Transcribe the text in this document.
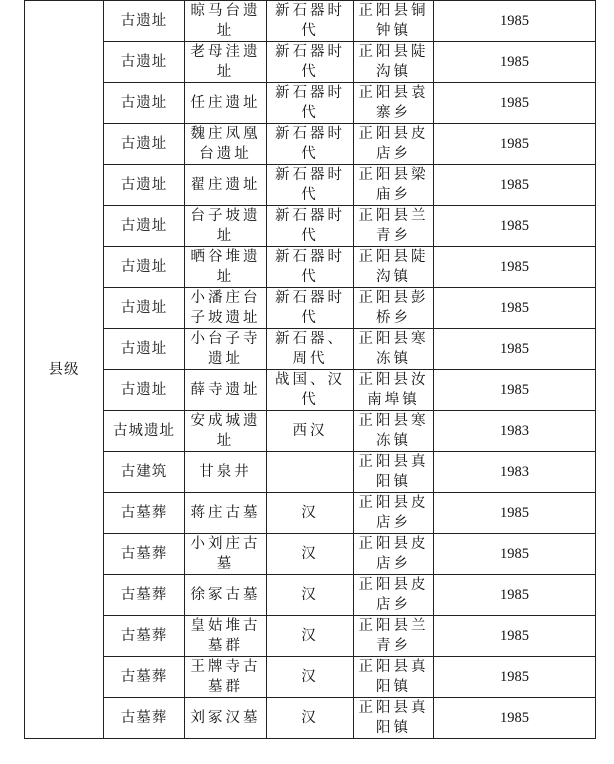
县级	古遗址	晾马台遗址	新石器时代	正阳县铜钟镇	1985
	古遗址	老母洼遗址	新石器时代	正阳县陡沟镇	1985
	古遗址	任庄遗址	新石器时代	正阳县袁寨乡	1985
	古遗址	魏庄凤凰台遗址	新石器时代	正阳县皮店乡	1985
	古遗址	翟庄遗址	新石器时代	正阳县梁庙乡	1985
	古遗址	台子坡遗址	新石器时代	正阳县兰青乡	1985
	古遗址	晒谷堆遗址	新石器时代	正阳县陡沟镇	1985
	古遗址	小潘庄台子坡遗址	新石器时代	正阳县彭桥乡	1985
	古遗址	小台子寺遗址	新石器、周代	正阳县寒冻镇	1985
	古遗址	薛寺遗址	战国、汉代	正阳县汝南埠镇	1985
	古城遗址	安成城遗址	西汉	正阳县寒冻镇	1983
	古建筑	甘泉井		正阳县真阳镇	1983
	古墓葬	蒋庄古墓	汉	正阳县皮店乡	1985
	古墓葬	小刘庄古墓	汉	正阳县皮店乡	1985
	古墓葬	徐冢古墓	汉	正阳县皮店乡	1985
	古墓葬	皇姑堆古墓群	汉	正阳县兰青乡	1985
	古墓葬	王牌寺古墓群	汉	正阳县真阳镇	1985
	古墓葬	刘冢汉墓	汉	正阳县真阳镇	1985
